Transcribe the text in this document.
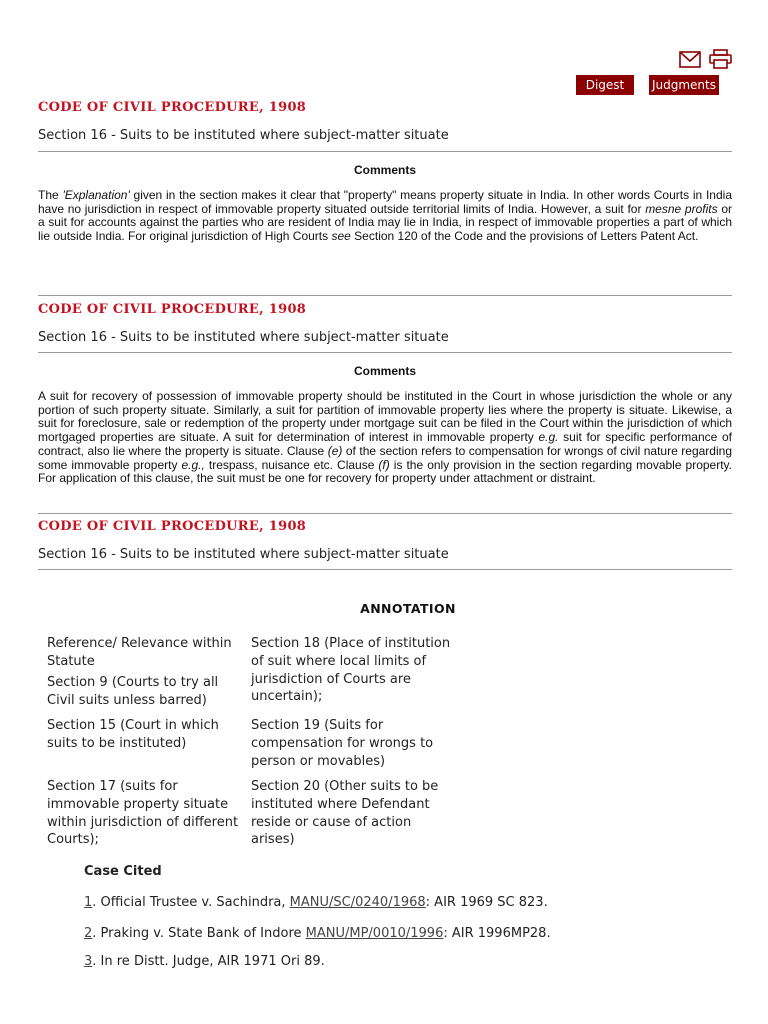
Digest	Judgments
CODE OF CIVIL PROCEDURE, 1908
Section 16 - Suits to be instituted where subject-matter situate
Comments

The 'Explanation' given in the section makes it clear that "property" means property situate in India. In other words Courts in India have no jurisdiction in respect of immovable property situated outside territorial limits of India. However, a suit for mesne profits or a suit for accounts against the parties who are resident of India may lie in India, in respect of immovable properties a part of which lie outside India. For original jurisdiction of High Courts see Section 120 of the Code and the provisions of Letters Patent Act.

CODE OF CIVIL PROCEDURE, 1908
Section 16 - Suits to be instituted where subject-matter situate
Comments

A suit for recovery of possession of immovable property should be instituted in the Court in whose jurisdiction the whole or any portion of such property situate. Similarly, a suit for partition of immovable property lies where the property is situate. Likewise, a suit for foreclosure, sale or redemption of the property under mortgage suit can be filed in the Court within the jurisdiction of which mortgaged properties are situate. A suit for determination of interest in immovable property e.g. suit for specific performance of contract, also lie where the property is situate. Clause (e) of the section refers to compensation for wrongs of civil nature regarding some immovable property e.g., trespass, nuisance etc. Clause (f) is the only provision in the section regarding movable property. For application of this clause, the suit must be one for recovery for property under attachment or distraint.

CODE OF CIVIL PROCEDURE, 1908
Section 16 - Suits to be instituted where subject-matter situate
ANNOTATION
Reference/ Relevance within Statute
Section 9 (Courts to try all Civil suits unless barred)
Section 15 (Court in which suits to be instituted)
Section 17 (suits for immovable property situate within jurisdiction of different Courts);
Section 18 (Place of institution of suit where local limits of jurisdiction of Courts are uncertain);
Section 19 (Suits for compensation for wrongs to person or movables)
Section 20 (Other suits to be instituted where Defendant reside or cause of action arises)
Case Cited
1. Official Trustee v. Sachindra, MANU/SC/0240/1968: AIR 1969 SC 823.
2. Praking v. State Bank of Indore MANU/MP/0010/1996: AIR 1996MP28.
3. In re Distt. Judge, AIR 1971 Ori 89.
